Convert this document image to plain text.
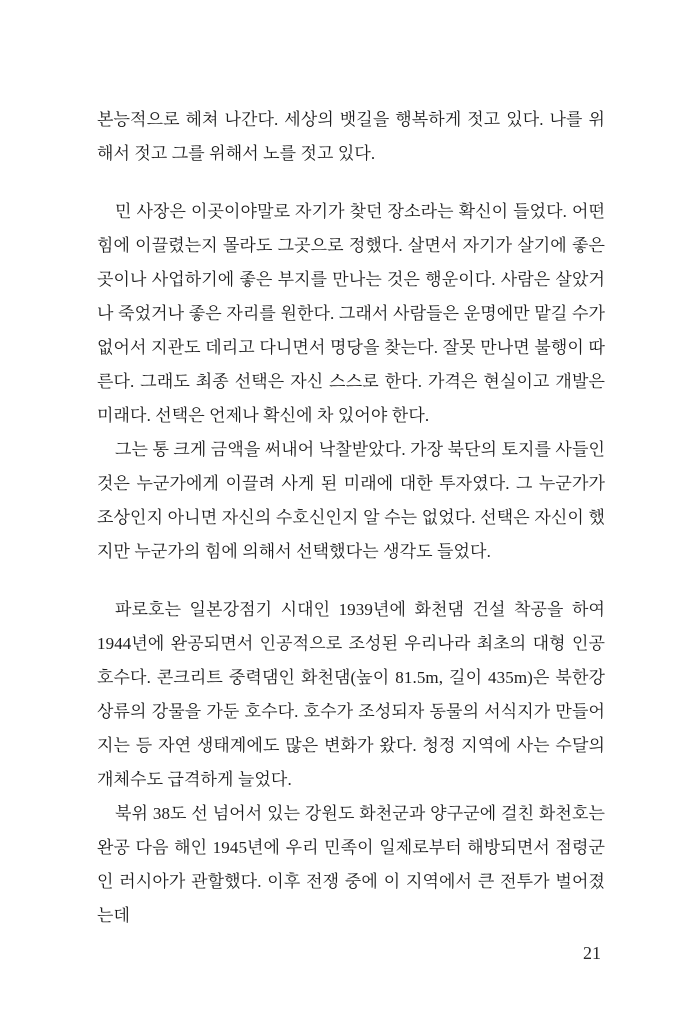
본능적으로 헤쳐 나간다. 세상의 뱃길을 행복하게 젓고 있다. 나를 위해서 젓고 그를 위해서 노를 젓고 있다.

민 사장은 이곳이야말로 자기가 찾던 장소라는 확신이 들었다. 어떤 힘에 이끌렸는지 몰라도 그곳으로 정했다. 살면서 자기가 살기에 좋은 곳이나 사업하기에 좋은 부지를 만나는 것은 행운이다. 사람은 살았거나 죽었거나 좋은 자리를 원한다. 그래서 사람들은 운명에만 맡길 수가 없어서 지관도 데리고 다니면서 명당을 찾는다. 잘못 만나면 불행이 따른다. 그래도 최종 선택은 자신 스스로 한다. 가격은 현실이고 개발은 미래다. 선택은 언제나 확신에 차 있어야 한다.

그는 통 크게 금액을 써내어 낙찰받았다. 가장 북단의 토지를 사들인 것은 누군가에게 이끌려 사게 된 미래에 대한 투자였다. 그 누군가가 조상인지 아니면 자신의 수호신인지 알 수는 없었다. 선택은 자신이 했지만 누군가의 힘에 의해서 선택했다는 생각도 들었다.

파로호는 일본강점기 시대인 1939년에 화천댐 건설 착공을 하여 1944년에 완공되면서 인공적으로 조성된 우리나라 최초의 대형 인공호수다. 콘크리트 중력댐인 화천댐(높이 81.5m, 길이 435m)은 북한강 상류의 강물을 가둔 호수다. 호수가 조성되자 동물의 서식지가 만들어지는 등 자연 생태계에도 많은 변화가 왔다. 청정 지역에 사는 수달의 개체수도 급격하게 늘었다.

북위 38도 선 넘어서 있는 강원도 화천군과 양구군에 걸친 화천호는 완공 다음 해인 1945년에 우리 민족이 일제로부터 해방되면서 점령군인 러시아가 관할했다. 이후 전쟁 중에 이 지역에서 큰 전투가 벌어졌는데

21
